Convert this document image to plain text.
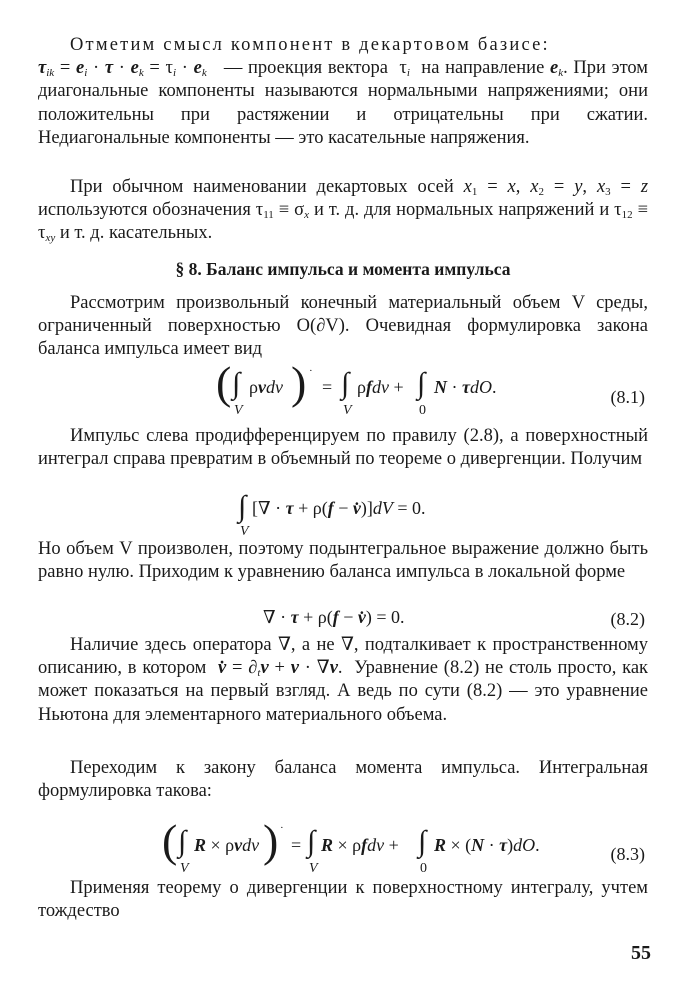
Отметим смысл компонент в декартовом базисе:
$\tau_{ik} = e_i \cdot \tau \cdot e_k = \tau_i \cdot e_k$ — проекция вектора  $\tau_i$ на направление $e_k$. При этом диагональные компоненты называются нормальными напряжениями; они положительны при растяжении и отрицательны при сжатии. Недиагональные компоненты — это касательные напряжения.

При обычном наименовании декартовых осей $x_1 = x$, $x_2 = y$, $x_3 = z$ используются обозначения $\tau_{11} \equiv \sigma_x$ и т. д. для нормальных напряжений и $\tau_{12} \equiv \tau_{xy}$ и т. д. касательных.

§ 8. Баланс импульса и момента импульса

Рассмотрим произвольный конечный материальный объем V среды, ограниченный поверхностью O(∂V). Очевидная формулировка закона баланса импульса имеет вид

( ∫
V
ρvdv ) ·
= ∫
V
ρfdv + ∫
0
N · τdO.	(8.1)

Импульс слева продифференцируем по правилу (2.8), а поверхностный интеграл справа превратим в объемный по теореме о дивергенции. Получим

∫
V
[∇ · τ + ρ(f − v̇)]dV = 0.

Но объем V произволен, поэтому подынтегральное выражение должно быть равно нулю. Приходим к уравнению баланса импульса в локальной форме

∇ · τ + ρ(f − v̇) = 0.	(8.2)

Наличие здесь оператора ∇, а не ∇, подталкивает к пространственному описанию, в котором v̇ = $\partial_tv + v \cdot \nabla v$.  Уравнение (8.2) не столь просто, как может показаться на первый взгляд. А ведь по сути (8.2) — это уравнение Ньютона для элементарного материального объема.

Переходим к закону баланса момента импульса. Интегральная формулировка такова:

( ∫
V
R × ρvdv ) ·
= ∫
V
R × ρfdv + ∫
0
R × (N · τ)dO.	(8.3)

Применяя теорему о дивергенции к поверхностному интегралу, учтем тождество

55
